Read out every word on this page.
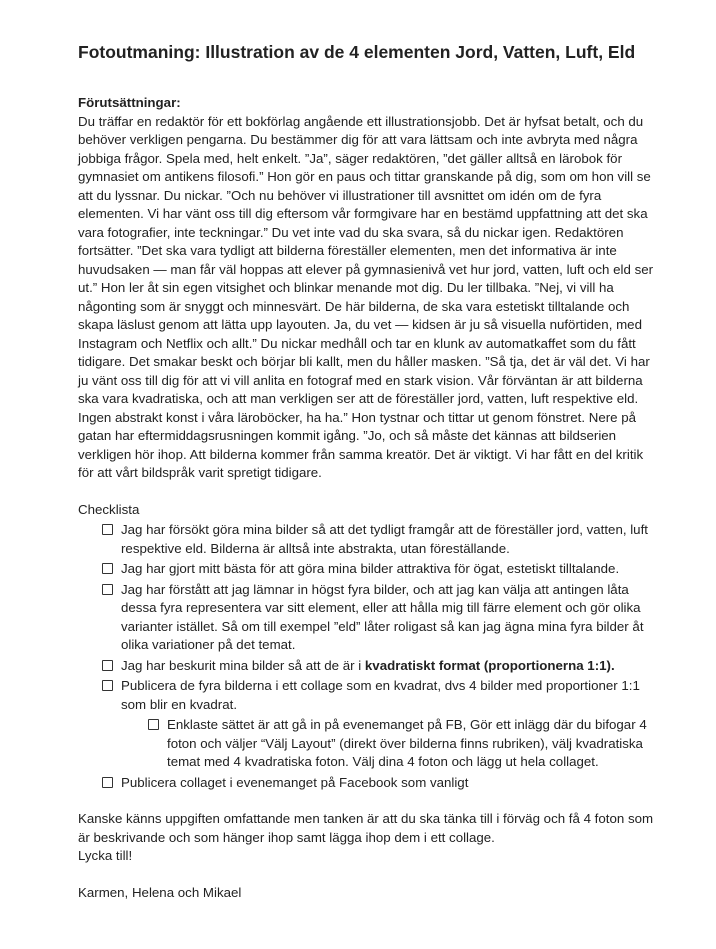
Fotoutmaning: Illustration av de 4 elementen Jord, Vatten, Luft, Eld
Förutsättningar:

Du träffar en redaktör för ett bokförlag angående ett illustrationsjobb. Det är hyfsat betalt, och du behöver verkligen pengarna. Du bestämmer dig för att vara lättsam och inte avbryta med några jobbiga frågor. Spela med, helt enkelt. ”Ja”, säger redaktören, ”det gäller alltså en lärobok för gymnasiet om antikens filosofi.” Hon gör en paus och tittar granskande på dig, som om hon vill se att du lyssnar. Du nickar. ”Och nu behöver vi illustrationer till avsnittet om idén om de fyra elementen. Vi har vänt oss till dig eftersom vår formgivare har en bestämd uppfattning att det ska vara fotografier, inte teckningar.” Du vet inte vad du ska svara, så du nickar igen. Redaktören fortsätter. ”Det ska vara tydligt att bilderna föreställer elementen, men det informativa är inte huvudsaken — man får väl hoppas att elever på gymnasienivå vet hur jord, vatten, luft och eld ser ut.” Hon ler åt sin egen vitsighet och blinkar menande mot dig. Du ler tillbaka. ”Nej, vi vill ha någonting som är snyggt och minnesvärt. De här bilderna, de ska vara estetiskt tilltalande och skapa läslust genom att lätta upp layouten. Ja, du vet — kidsen är ju så visuella nuförtiden, med Instagram och Netflix och allt.” Du nickar medhåll och tar en klunk av automatkaffet som du fått tidigare. Det smakar beskt och börjar bli kallt, men du håller masken. ”Så tja, det är väl det. Vi har ju vänt oss till dig för att vi vill anlita en fotograf med en stark vision. Vår förväntan är att bilderna ska vara kvadratiska, och att man verkligen ser att de föreställer jord, vatten, luft respektive eld. Ingen abstrakt konst i våra läroböcker, ha ha.” Hon tystnar och tittar ut genom fönstret. Nere på gatan har eftermiddagsrusningen kommit igång. ”Jo, och så måste det kännas att bildserien verkligen hör ihop. Att bilderna kommer från samma kreatör. Det är viktigt. Vi har fått en del kritik för att vårt bildspråk varit spretigt tidigare.

Checklista
Jag har försökt göra mina bilder så att det tydligt framgår att de föreställer jord, vatten, luft respektive eld. Bilderna är alltså inte abstrakta, utan föreställande.
Jag har gjort mitt bästa för att göra mina bilder attraktiva för ögat, estetiskt tilltalande.
Jag har förstått att jag lämnar in högst fyra bilder, och att jag kan välja att antingen låta dessa fyra representera var sitt element, eller att hålla mig till färre element och gör olika varianter istället. Så om till exempel ”eld” låter roligast så kan jag ägna mina fyra bilder åt olika variationer på det temat.
Jag har beskurit mina bilder så att de är i kvadratiskt format (proportionerna 1:1).
Publicera de fyra bilderna i ett collage som en kvadrat, dvs 4 bilder med proportioner 1:1 som blir en kvadrat.
Enklaste sättet är att gå in på evenemanget på FB, Gör ett inlägg där du bifogar 4 foton och väljer “Välj Layout” (direkt över bilderna finns rubriken), välj kvadratiska temat med 4 kvadratiska foton. Välj dina 4 foton och lägg ut hela collaget.
Publicera collaget i evenemanget på Facebook som vanligt
Kanske känns uppgiften omfattande men tanken är att du ska tänka till i förväg och få 4 foton som är beskrivande och som hänger ihop samt lägga ihop dem i ett collage.
Lycka till!
Karmen, Helena och Mikael
